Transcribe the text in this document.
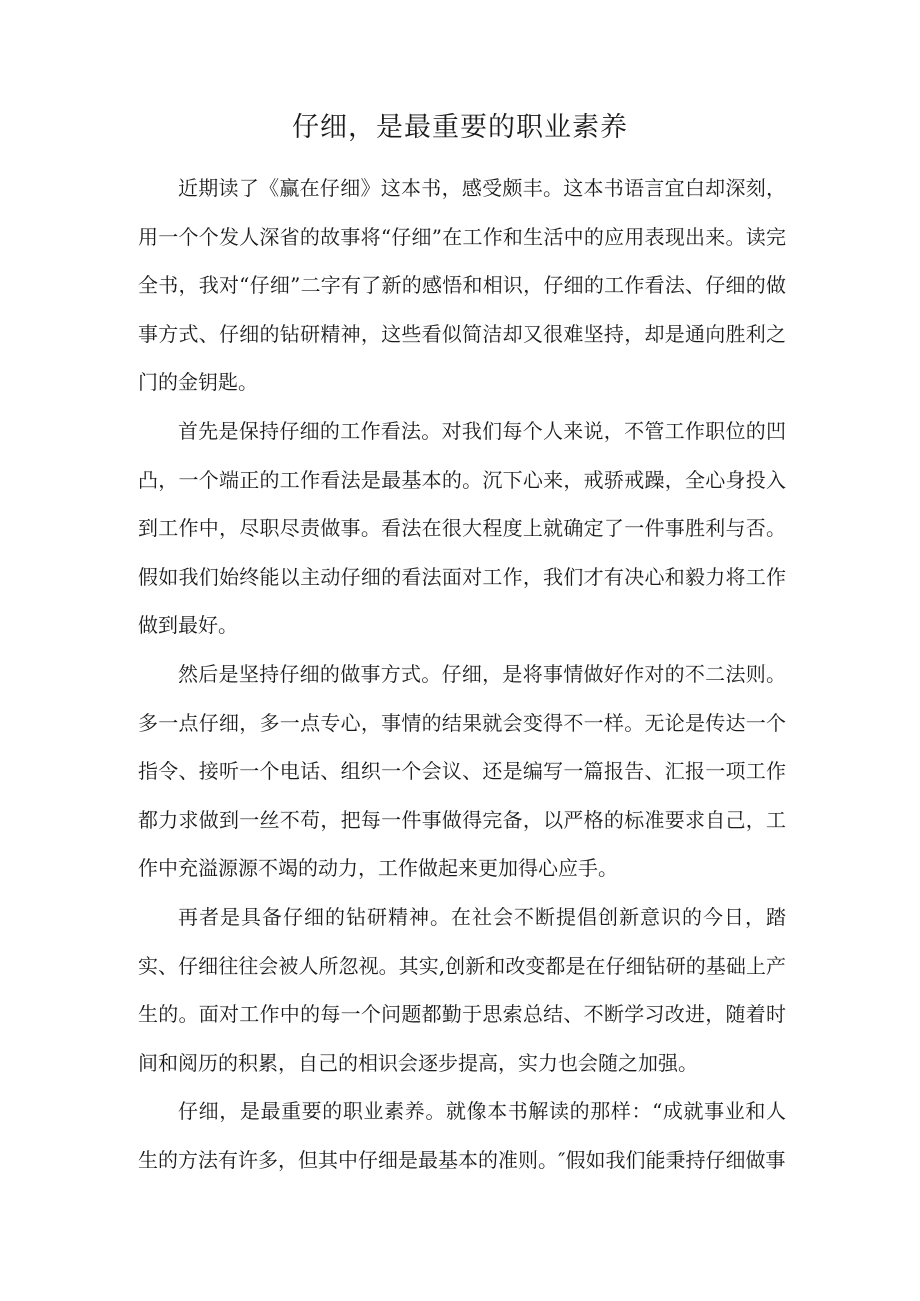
仔细，是最重要的职业素养

近期读了《赢在仔细》这本书，感受颇丰。这本书语言宜白却深刻，用一个个发人深省的故事将“仔细”在工作和生活中的应用表现出来。读完全书，我对“仔细”二字有了新的感悟和相识，仔细的工作看法、仔细的做事方式、仔细的钻研精神，这些看似简洁却又很难坚持，却是通向胜利之门的金钥匙。

首先是保持仔细的工作看法。对我们每个人来说，不管工作职位的凹凸，一个端正的工作看法是最基本的。沉下心来，戒骄戒躁，全心身投入到工作中，尽职尽责做事。看法在很大程度上就确定了一件事胜利与否。假如我们始终能以主动仔细的看法面对工作，我们才有决心和毅力将工作做到最好。

然后是坚持仔细的做事方式。仔细，是将事情做好作对的不二法则。多一点仔细，多一点专心，事情的结果就会变得不一样。无论是传达一个指令、接听一个电话、组织一个会议、还是编写一篇报告、汇报一项工作都力求做到一丝不苟，把每一件事做得完备，以严格的标准要求自己，工作中充溢源源不竭的动力，工作做起来更加得心应手。

再者是具备仔细的钻研精神。在社会不断提倡创新意识的今日，踏实、仔细往往会被人所忽视。其实,创新和改变都是在仔细钻研的基础上产生的。面对工作中的每一个问题都勤于思索总结、不断学习改进，随着时间和阅历的积累，自己的相识会逐步提高，实力也会随之加强。

仔细，是最重要的职业素养。就像本书解读的那样：“成就事业和人生的方法有许多，但其中仔细是最基本的准则。″假如我们能秉持仔细做事
